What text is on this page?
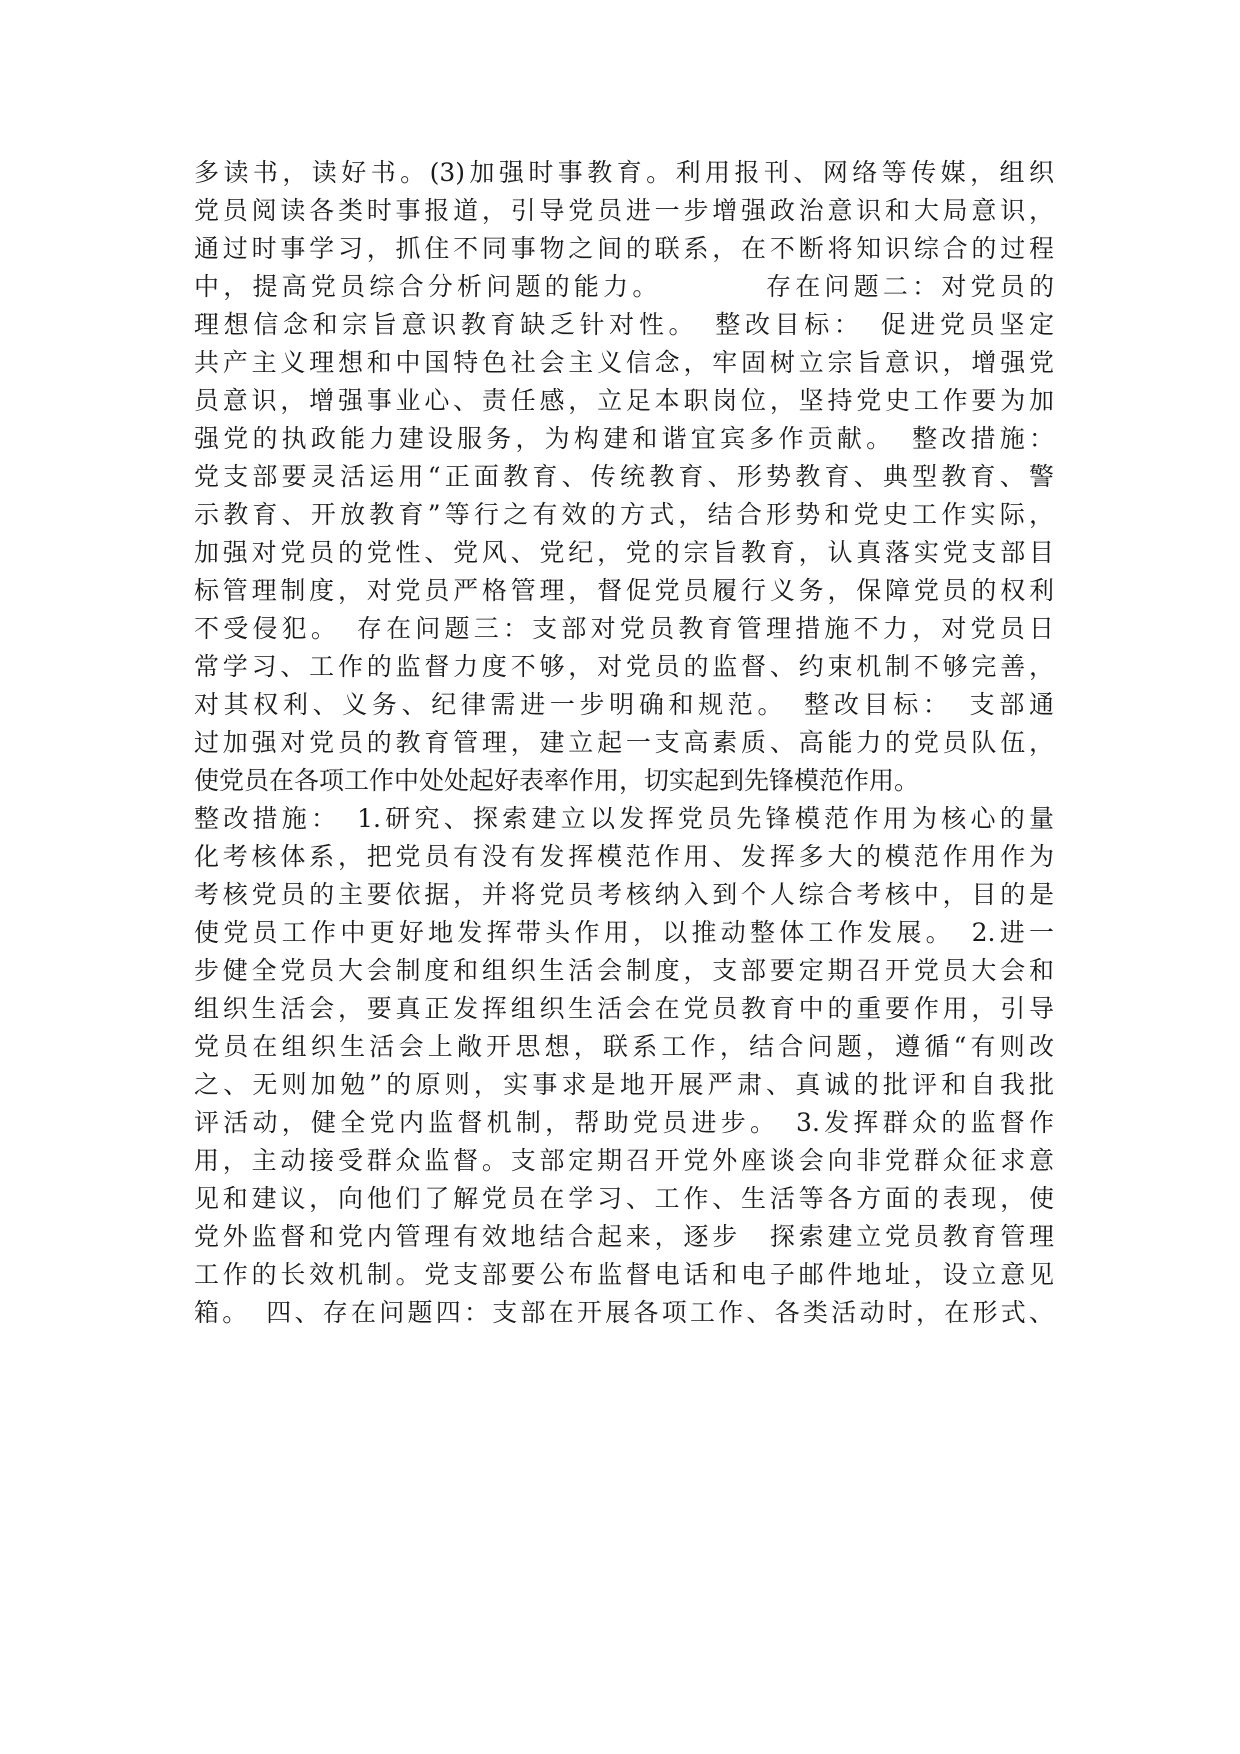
多读书，读好书。(3)加强时事教育。利用报刊、网络等传媒，组织
党员阅读各类时事报道，引导党员进一步增强政治意识和大局意识，
通过时事学习，抓住不同事物之间的联系，在不断将知识综合的过程
中，提高党员综合分析问题的能力。　　　　存在问题二：对党员的
理想信念和宗旨意识教育缺乏针对性。　整改目标：　促进党员坚定
共产主义理想和中国特色社会主义信念，牢固树立宗旨意识，增强党
员意识，增强事业心、责任感，立足本职岗位，坚持党史工作要为加
强党的执政能力建设服务，为构建和谐宜宾多作贡献。　整改措施：
党支部要灵活运用“正面教育、传统教育、形势教育、典型教育、警
示教育、开放教育”等行之有效的方式，结合形势和党史工作实际，
加强对党员的党性、党风、党纪，党的宗旨教育，认真落实党支部目
标管理制度，对党员严格管理，督促党员履行义务，保障党员的权利
不受侵犯。　存在问题三：支部对党员教育管理措施不力，对党员日
常学习、工作的监督力度不够，对党员的监督、约束机制不够完善，
对其权利、义务、纪律需进一步明确和规范。　整改目标：　支部通
过加强对党员的教育管理，建立起一支高素质、高能力的党员队伍，
使党员在各项工作中处处起好表率作用，切实起到先锋模范作用。
整改措施：　1.研究、探索建立以发挥党员先锋模范作用为核心的量
化考核体系，把党员有没有发挥模范作用、发挥多大的模范作用作为
考核党员的主要依据，并将党员考核纳入到个人综合考核中，目的是
使党员工作中更好地发挥带头作用，以推动整体工作发展。　2.进一
步健全党员大会制度和组织生活会制度，支部要定期召开党员大会和
组织生活会，要真正发挥组织生活会在党员教育中的重要作用，引导
党员在组织生活会上敞开思想，联系工作，结合问题，遵循“有则改
之、无则加勉”的原则，实事求是地开展严肃、真诚的批评和自我批
评活动，健全党内监督机制，帮助党员进步。　3.发挥群众的监督作
用，主动接受群众监督。支部定期召开党外座谈会向非党群众征求意
见和建议，向他们了解党员在学习、工作、生活等各方面的表现，使
党外监督和党内管理有效地结合起来，逐步　探索建立党员教育管理
工作的长效机制。党支部要公布监督电话和电子邮件地址，设立意见
箱。　四、存在问题四：支部在开展各项工作、各类活动时，在形式、
